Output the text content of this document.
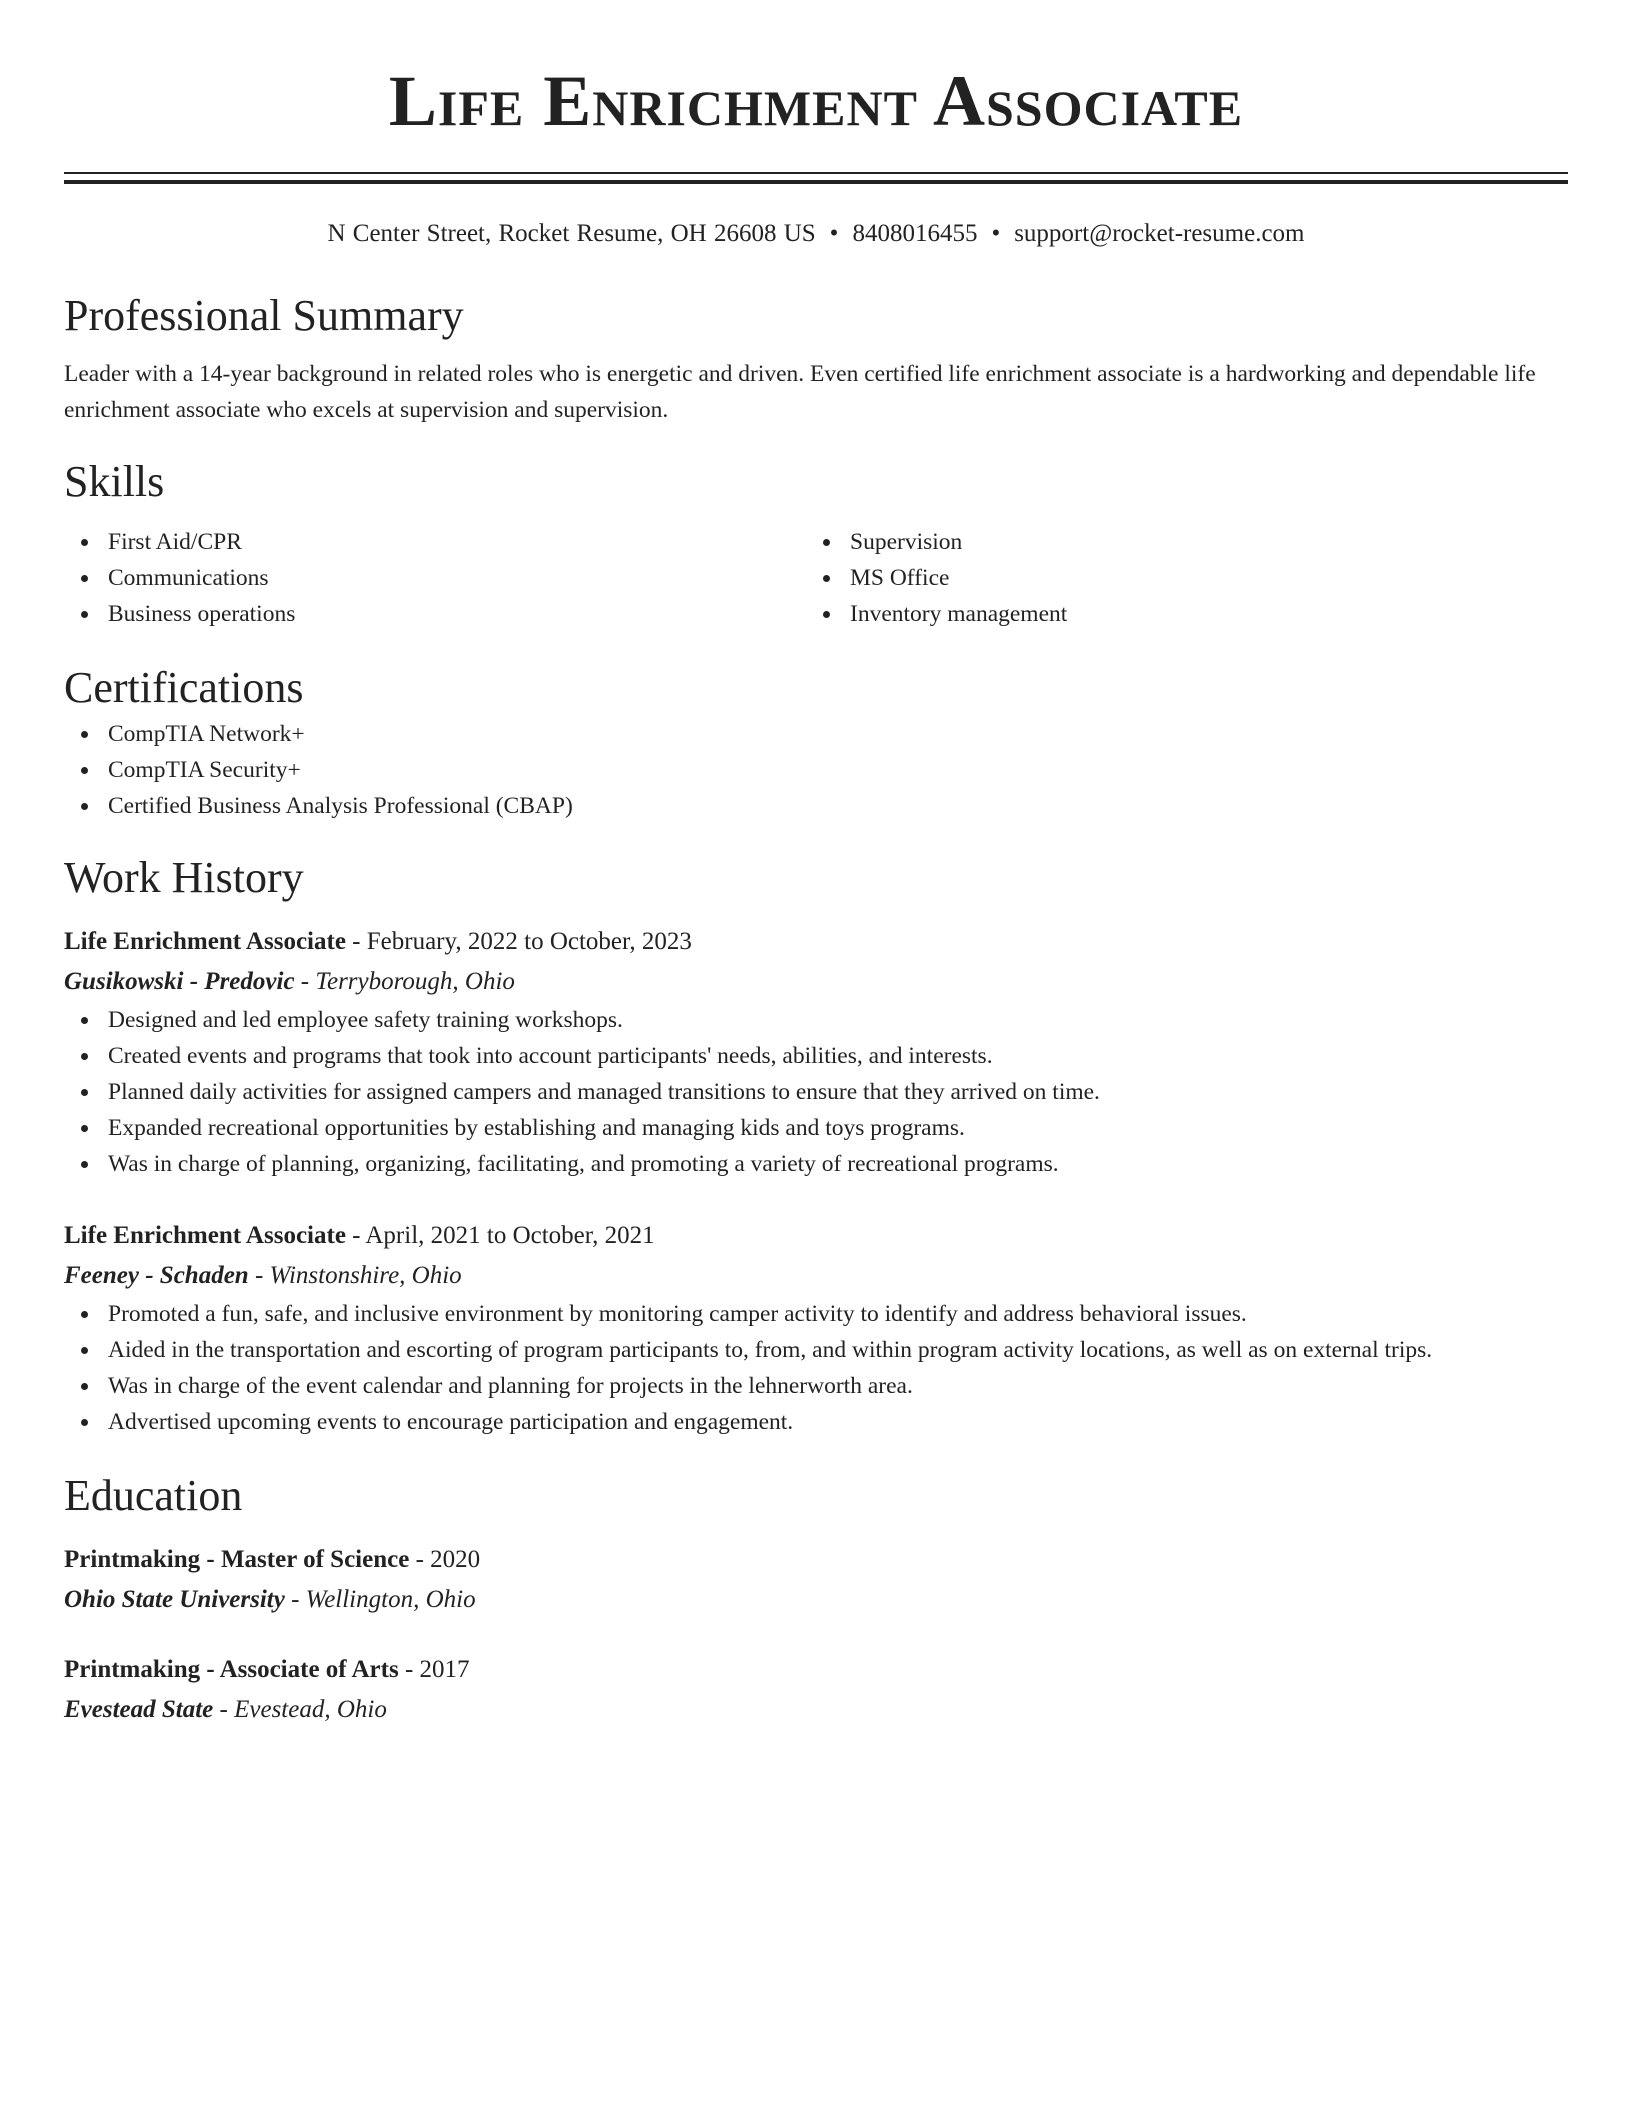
Life Enrichment Associate
N Center Street, Rocket Resume, OH 26608 US • 8408016455 • support@rocket-resume.com
Professional Summary
Leader with a 14-year background in related roles who is energetic and driven. Even certified life enrichment associate is a hardworking and dependable life enrichment associate who excels at supervision and supervision.
Skills
First Aid/CPR
Communications
Business operations
Supervision
MS Office
Inventory management
Certifications
CompTIA Network+
CompTIA Security+
Certified Business Analysis Professional (CBAP)
Work History
Life Enrichment Associate - February, 2022 to October, 2023
Gusikowski - Predovic - Terryborough, Ohio
Designed and led employee safety training workshops.
Created events and programs that took into account participants' needs, abilities, and interests.
Planned daily activities for assigned campers and managed transitions to ensure that they arrived on time.
Expanded recreational opportunities by establishing and managing kids and toys programs.
Was in charge of planning, organizing, facilitating, and promoting a variety of recreational programs.
Life Enrichment Associate - April, 2021 to October, 2021
Feeney - Schaden - Winstonshire, Ohio
Promoted a fun, safe, and inclusive environment by monitoring camper activity to identify and address behavioral issues.
Aided in the transportation and escorting of program participants to, from, and within program activity locations, as well as on external trips.
Was in charge of the event calendar and planning for projects in the lehnerworth area.
Advertised upcoming events to encourage participation and engagement.
Education
Printmaking - Master of Science - 2020
Ohio State University - Wellington, Ohio
Printmaking - Associate of Arts - 2017
Evestead State - Evestead, Ohio
